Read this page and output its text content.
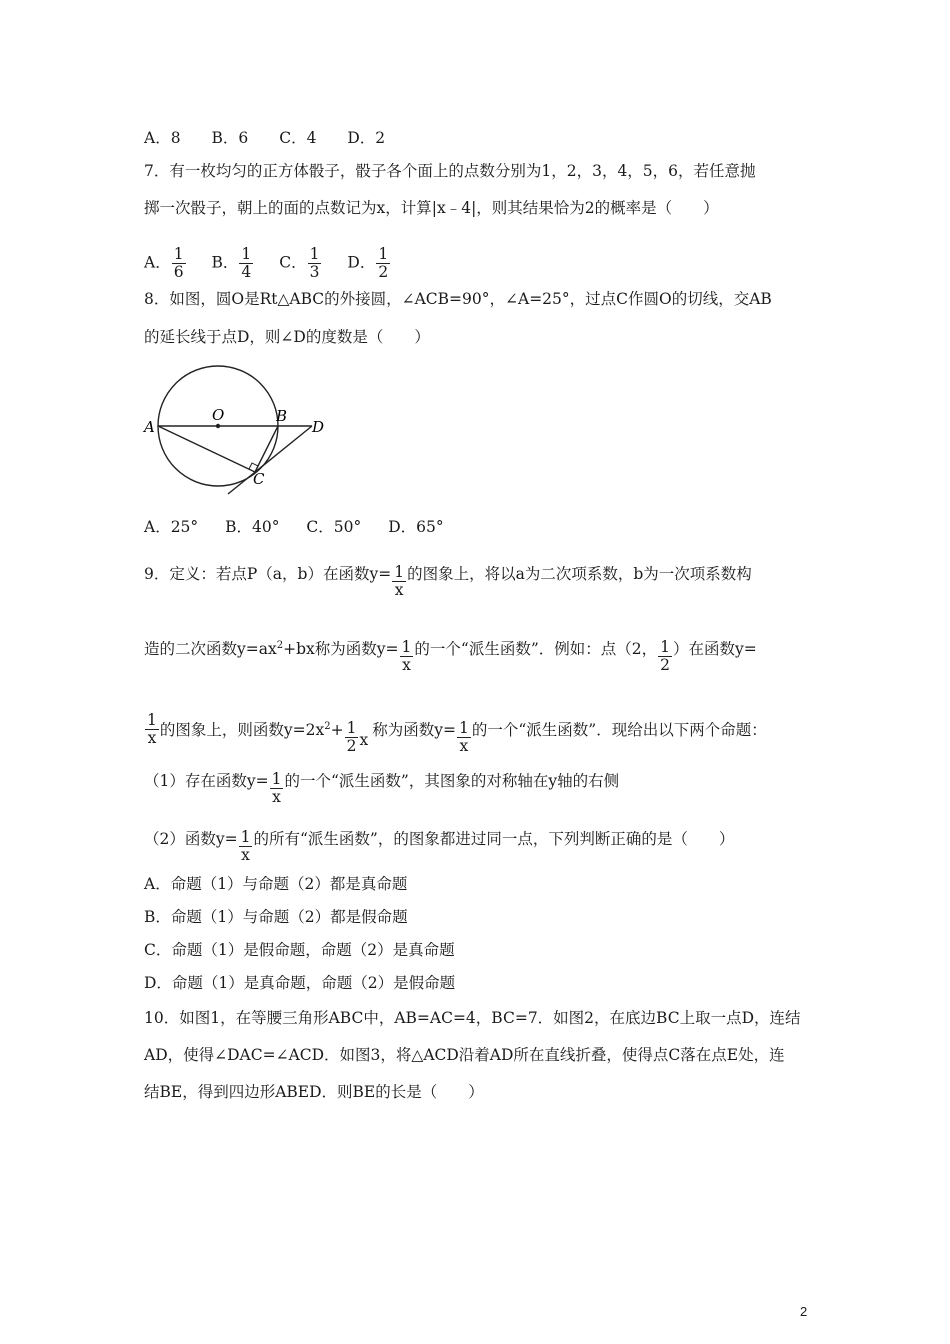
A．8 B．6 C．4 D．2
7．有一枚均匀的正方体骰子，骰子各个面上的点数分别为1，2，3，4，5，6，若任意抛
掷一次骰子，朝上的面的点数记为x，计算|x﹣4|，则其结果恰为2的概率是（　　）
A． $\frac{1}{6}$ B． $\frac{1}{4}$ C． $\frac{1}{3}$ D． $\frac{1}{2}$
8．如图，圆O是Rt△ABC的外接圆，∠ACB=90°，∠A=25°，过点C作圆O的切线，交AB
的延长线于点D，则∠D的度数是（　　）
A
O	B
D
C
A．25° B．40° C．50° D．65°
9．定义：若点P（a，b）在函数$y= \frac{1}{x}$ 的图象上，将以a为二次项系数，b为一次项系数构
造的二次函数$y=ax^2+bx$称为函数$y= \frac{1}{x}$ 的一个“派生函数”．例如：点（2， $\frac{1}{2}$ ）在函数y=
$\frac{1}{x}$ 的图象上，则函数$y=2x^2+ \frac{1}{2}$ x称为函数$y= \frac{1}{x}$ 的一个“派生函数”．现给出以下两个命题：
（1）存在函数$y= \frac{1}{x}$ 的一个“派生函数”，其图象的对称轴在y轴的右侧
（2）函数$y= \frac{1}{x}$ 的所有“派生函数”，的图象都进过同一点，下列判断正确的是（　　）
A．命题（1）与命题（2）都是真命题
B．命题（1）与命题（2）都是假命题
C．命题（1）是假命题，命题（2）是真命题
D．命题（1）是真命题，命题（2）是假命题
10．如图1，在等腰三角形ABC中，AB=AC=4，BC=7．如图2，在底边BC上取一点D，连结
AD，使得∠DAC=∠ACD．如图3，将△ACD沿着AD所在直线折叠，使得点C落在点E处，连
结BE，得到四边形ABED．则BE的长是（　　）
2
